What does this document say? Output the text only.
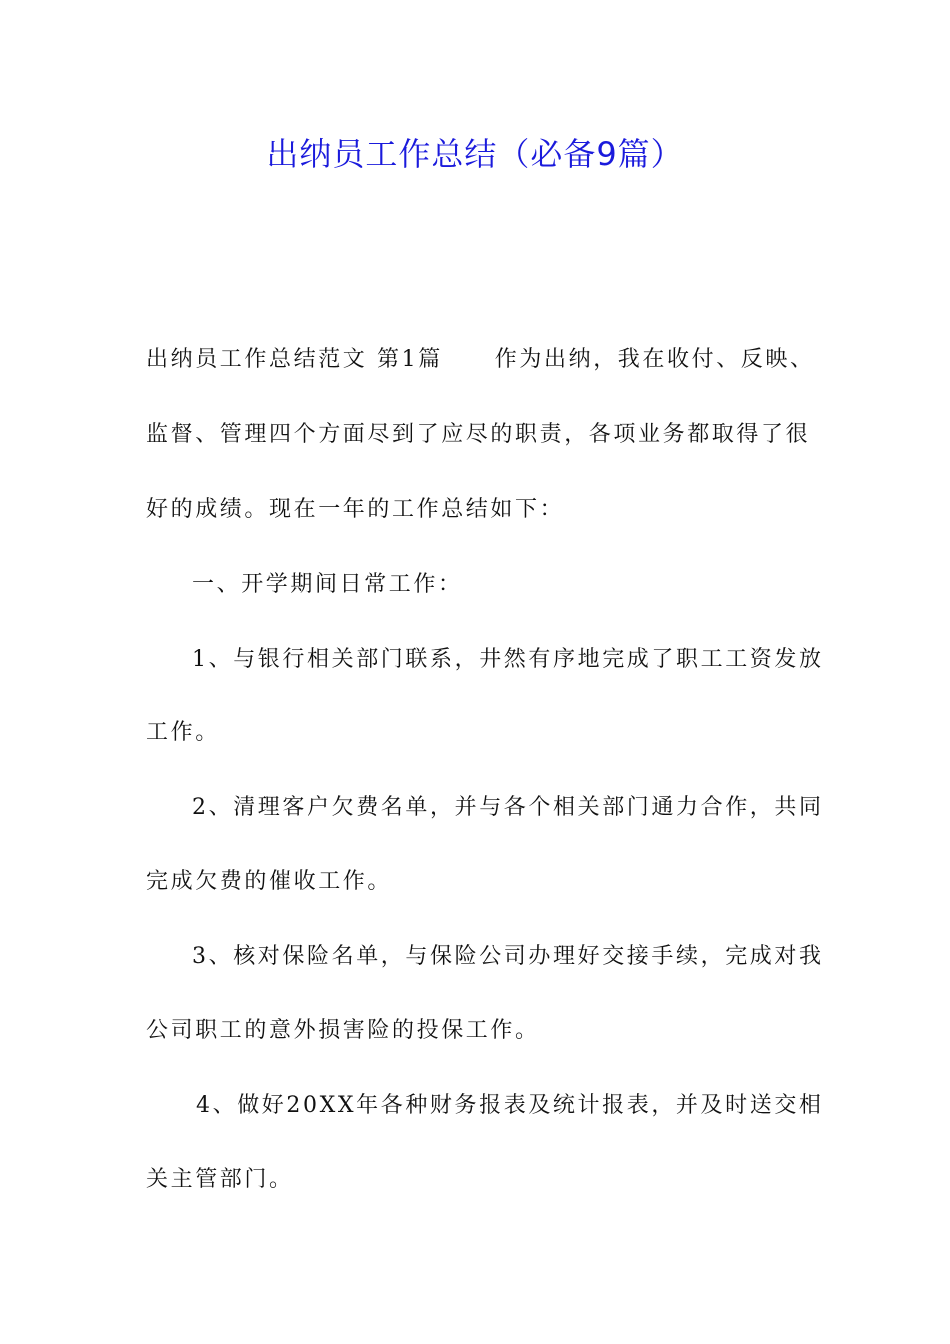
出纳员工作总结（必备9篇）
出纳员工作总结范文 第1篇 作为出纳，我在收付、反映、

监督、管理四个方面尽到了应尽的职责，各项业务都取得了很

好的成绩。现在一年的工作总结如下：

一、开学期间日常工作：

1、与银行相关部门联系，井然有序地完成了职工工资发放

工作。

2、清理客户欠费名单，并与各个相关部门通力合作，共同

完成欠费的催收工作。

3、核对保险名单，与保险公司办理好交接手续，完成对我

公司职工的意外损害险的投保工作。

4、做好20XX年各种财务报表及统计报表，并及时送交相

关主管部门。
